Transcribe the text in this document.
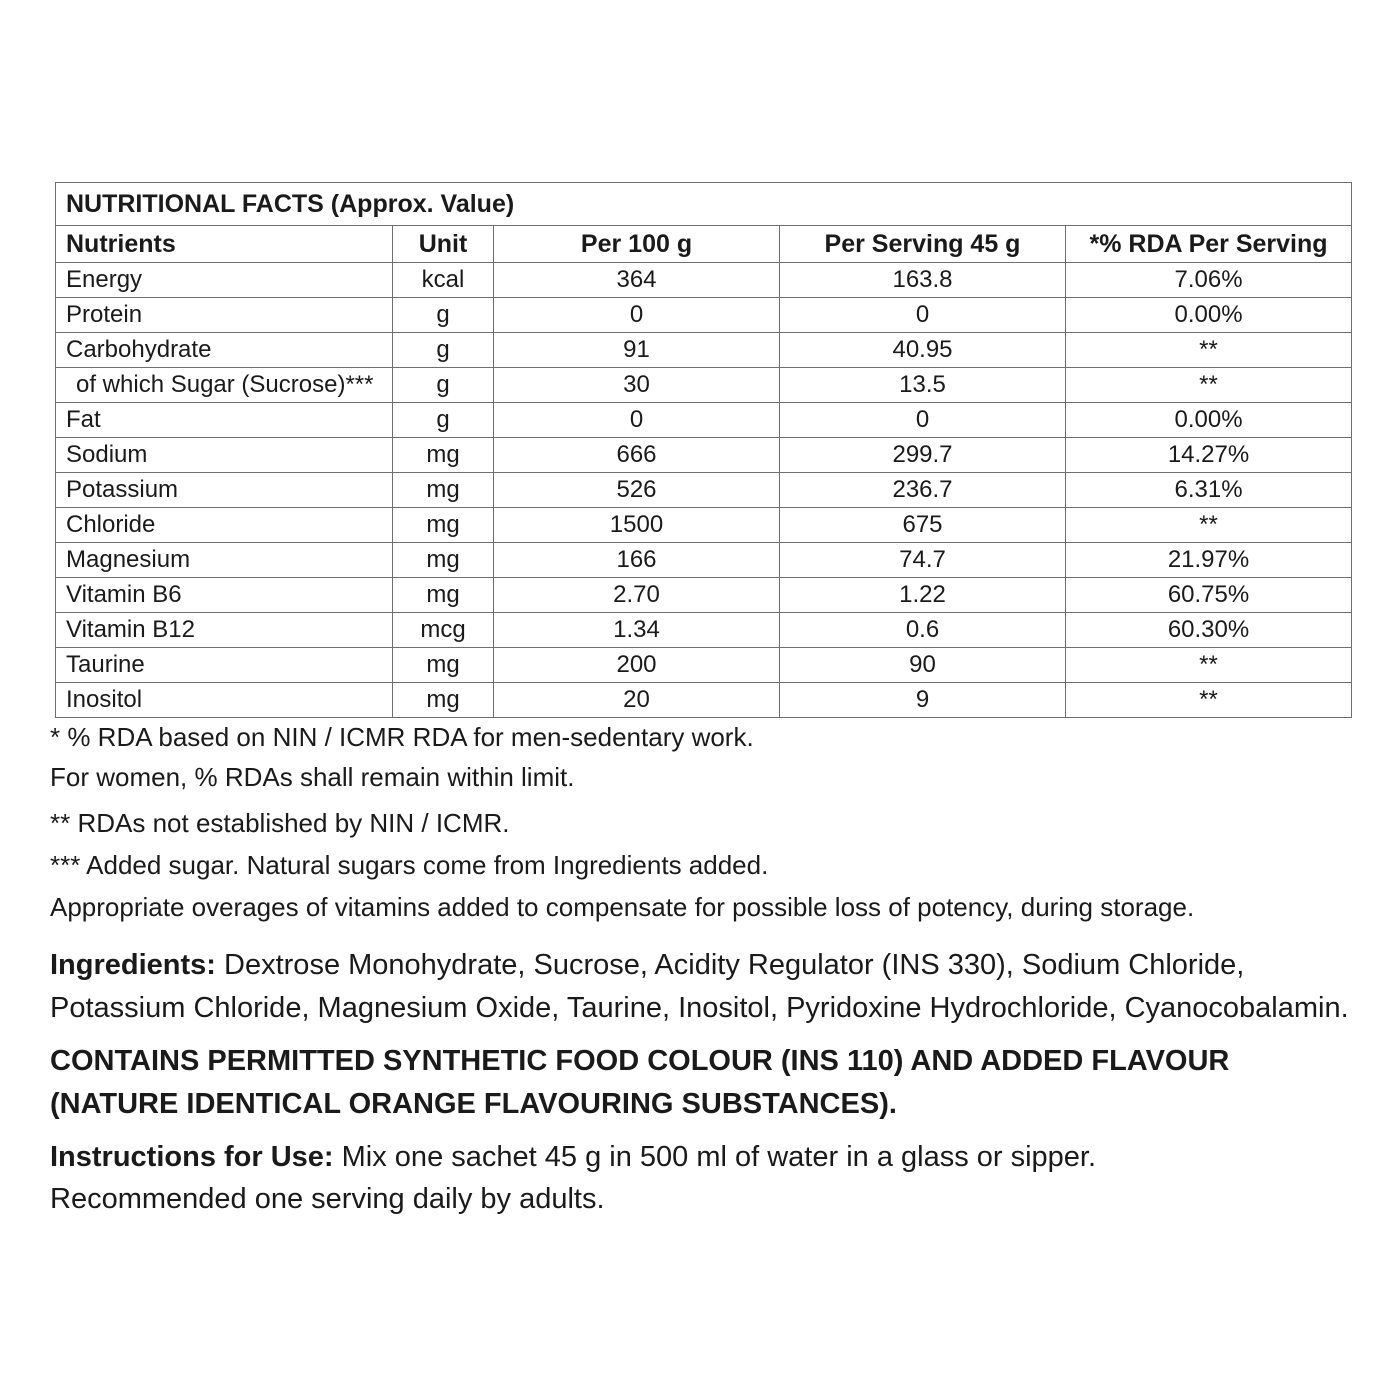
NUTRITIONAL FACTS (Approx. Value)				
Nutrients	Unit	Per 100 g	Per Serving 45 g	*% RDA Per Serving
Energy	kcal	364	163.8	7.06%
Protein	g	0	0	0.00%
Carbohydrate	g	91	40.95	**
of which Sugar (Sucrose)***	g	30	13.5	**
Fat	g	0	0	0.00%
Sodium	mg	666	299.7	14.27%
Potassium	mg	526	236.7	6.31%
Chloride	mg	1500	675	**
Magnesium	mg	166	74.7	21.97%
Vitamin B6	mg	2.70	1.22	60.75%
Vitamin B12	mcg	1.34	0.6	60.30%
Taurine	mg	200	90	**
Inositol	mg	20	9	**

* % RDA based on NIN / ICMR RDA for men-sedentary work.

For women, % RDAs shall remain within limit.

** RDAs not established by NIN / ICMR.

*** Added sugar. Natural sugars come from Ingredients added.

Appropriate overages of vitamins added to compensate for possible loss of potency, during storage.

Ingredients: Dextrose Monohydrate, Sucrose, Acidity Regulator (INS 330), Sodium Chloride, Potassium Chloride, Magnesium Oxide, Taurine, Inositol, Pyridoxine Hydrochloride, Cyanocobalamin.

CONTAINS PERMITTED SYNTHETIC FOOD COLOUR (INS 110) AND ADDED FLAVOUR
(NATURE IDENTICAL ORANGE FLAVOURING SUBSTANCES).
Instructions for Use: Mix one sachet 45 g in 500 ml of water in a glass or sipper.
Recommended one serving daily by adults.
